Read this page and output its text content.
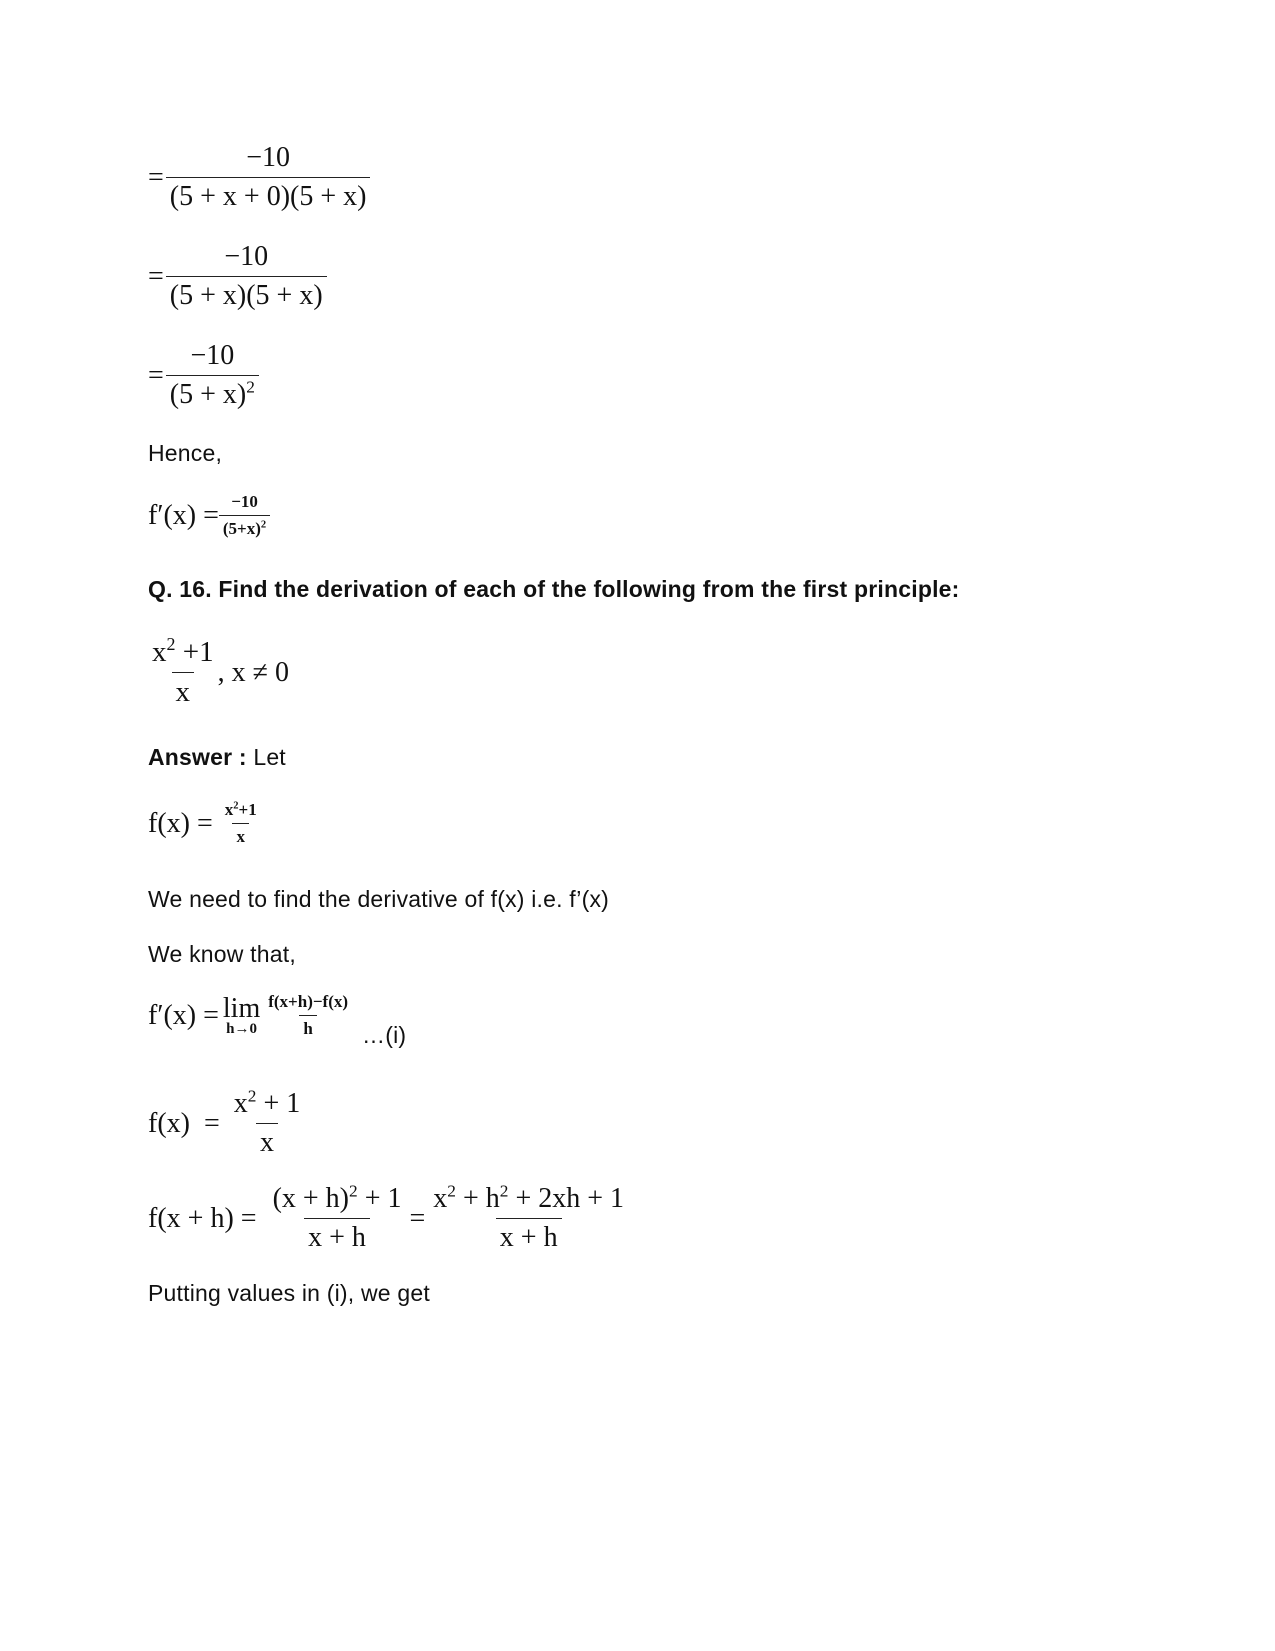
= $\frac{-10}{(5 + x + 0)(5 + x)}$
= $\frac{-10}{(5 + x)(5 + x)}$
= $\frac{-10}{(5 + x)^2}$
Hence,
$f'(x) = \frac{-10}{(5+x)^2}$
Q. 16. Find the derivation of each of the following from the first principle:
$\frac{x^2 +1}{x}$ , x ≠ 0
Answer : Let
$f(x) = \frac{x^2+1}{x}$
We need to find the derivative of f(x) i.e. f’(x)
We know that,
f′(x) = lim
$h\to 0 \frac{f(x+h)-f(x)}{h}$ …(i)
$f(x) = \frac{x^2 + 1}{x}$
$f(x + h) = \frac{(x + h)^2 + 1}{x + h} = \frac{x^2 + h^2 + 2xh + 1}{x + h}$
Putting values in (i), we get
